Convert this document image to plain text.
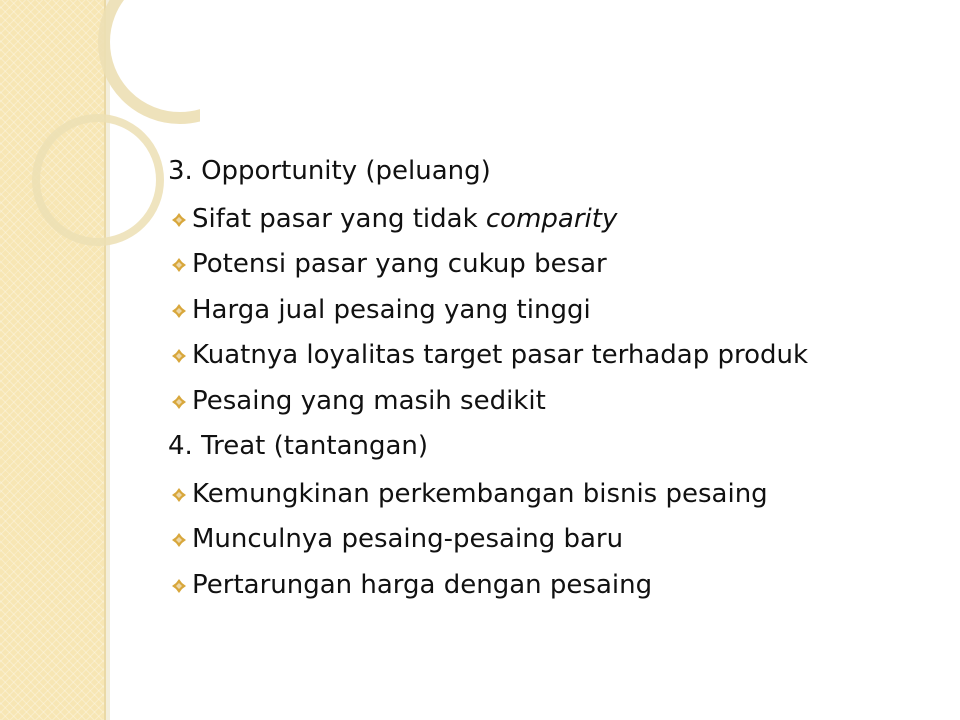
3. Opportunity (peluang)
Sifat pasar yang tidak comparity
Potensi pasar yang cukup besar
Harga jual pesaing yang tinggi
Kuatnya loyalitas target pasar terhadap produk
Pesaing yang masih sedikit
4. Treat (tantangan)
Kemungkinan perkembangan bisnis pesaing
Munculnya pesaing-pesaing baru
Pertarungan harga dengan pesaing
